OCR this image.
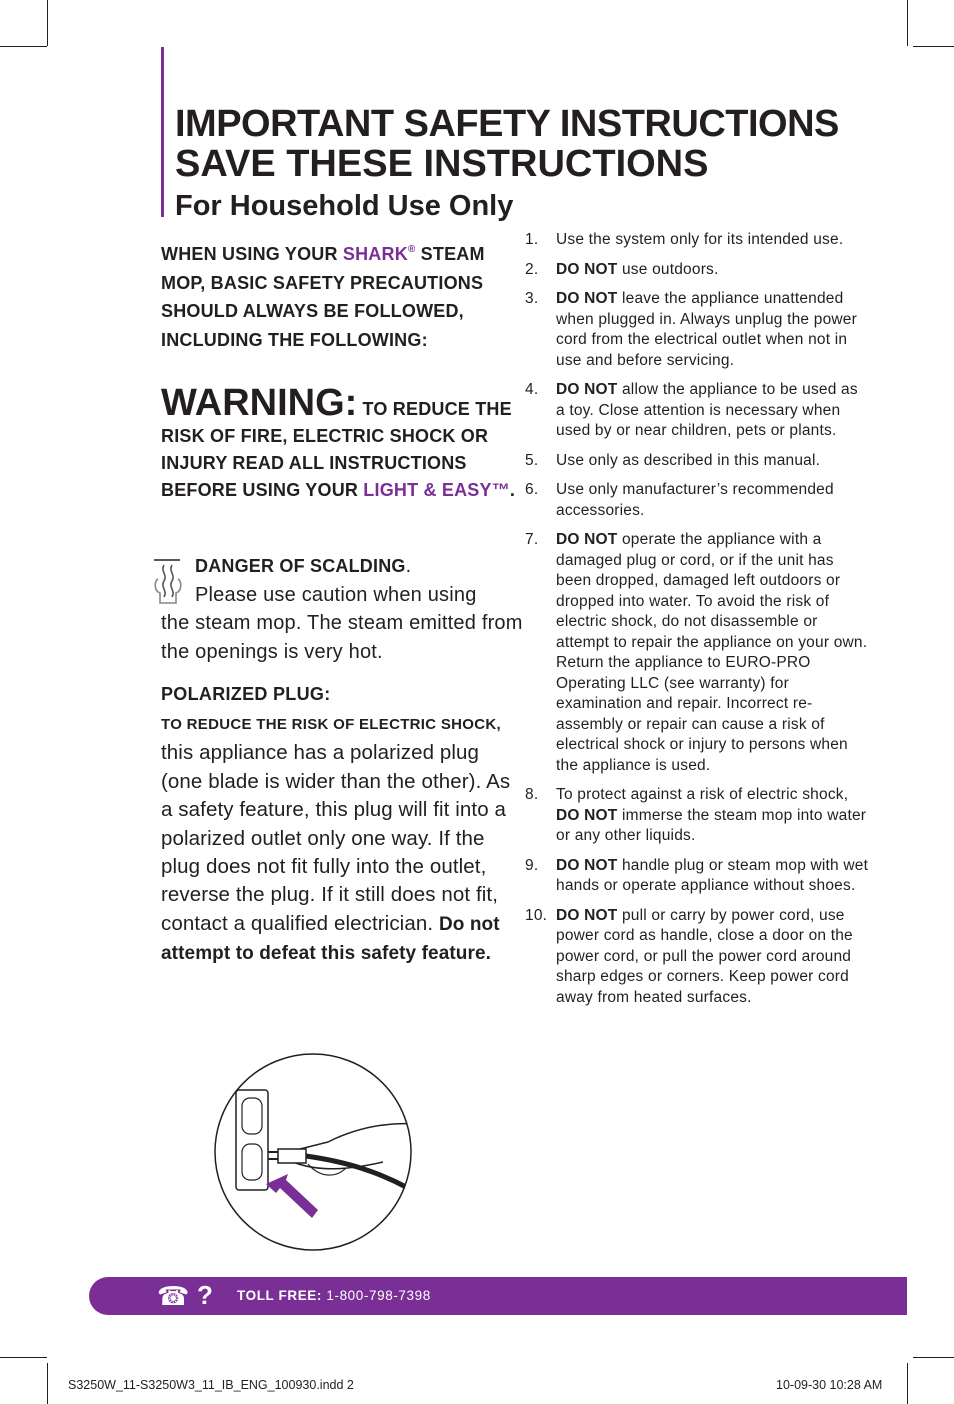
IMPORTANT SAFETY INSTRUCTIONS
SAVE THESE INSTRUCTIONS
For Household Use Only

WHEN USING YOUR SHARK® STEAM MOP, BASIC SAFETY PRECAUTIONS SHOULD ALWAYS BE FOLLOWED, INCLUDING THE FOLLOWING:

WARNING: TO REDUCE THE RISK OF FIRE, ELECTRIC SHOCK OR INJURY READ ALL INSTRUCTIONS BEFORE USING YOUR LIGHT & EASY™.

DANGER OF SCALDING.
Please use caution when using
the steam mop. The steam emitted from the openings is very hot.

POLARIZED PLUG:

TO REDUCE THE RISK OF ELECTRIC SHOCK, this appliance has a polarized plug (one blade is wider than the other). As a safety feature, this plug will fit into a polarized outlet only one way. If the plug does not fit fully into the outlet, reverse the plug. If it still does not fit, contact a qualified electrician. Do not attempt to defeat this safety feature.

1. Use the system only for its intended use.
2. DO NOT use outdoors.
3. DO NOT leave the appliance unattended when plugged in. Always unplug the power cord from the electrical outlet when not in use and before servicing.
4. DO NOT allow the appliance to be used as a toy. Close attention is necessary when used by or near children, pets or plants.
5. Use only as described in this manual.
6. Use only manufacturer’s recommended accessories.
7. DO NOT operate the appliance with a damaged plug or cord, or if the unit has been dropped, damaged left outdoors or dropped into water. To avoid the risk of electric shock, do not disassemble or attempt to repair the appliance on your own. Return the appliance to EURO-PRO Operating LLC (see warranty) for examination and repair. Incorrect re-assembly or repair can cause a risk of electrical shock or injury to persons when the appliance is used.
8. To protect against a risk of electric shock, DO NOT immerse the steam mop into water or any other liquids.
9. DO NOT handle plug or steam mop with wet hands or operate appliance without shoes.
10. DO NOT pull or carry by power cord, use power cord as handle, close a door on the power cord, or pull the power cord around sharp edges or corners. Keep power cord away from heated surfaces.
☎ ? TOLL FREE: 1-800-798-7398
S3250W_11-S3250W3_11_IB_ENG_100930.indd 2	10-09-30 10:28 AM
